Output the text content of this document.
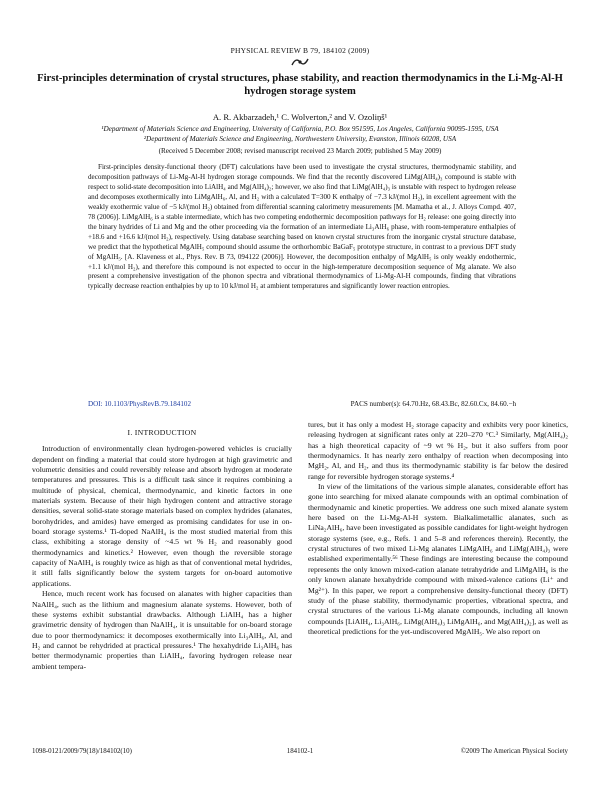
PHYSICAL REVIEW B 79, 184102 (2009)
First-principles determination of crystal structures, phase stability, and reaction thermodynamics in the Li-Mg-Al-H hydrogen storage system
A. R. Akbarzadeh,¹ C. Wolverton,² and V. Ozoliņš¹
¹Department of Materials Science and Engineering, University of California, P.O. Box 951595, Los Angeles, California 90095-1595, USA
²Department of Materials Science and Engineering, Northwestern University, Evanston, Illinois 60208, USA
(Received 5 December 2008; revised manuscript received 23 March 2009; published 5 May 2009)
First-principles density-functional theory (DFT) calculations have been used to investigate the crystal structures, thermodynamic stability, and decomposition pathways of Li-Mg-Al-H hydrogen storage compounds. We find that the recently discovered LiMg(AlH₄)₃ compound is stable with respect to solid-state decomposition into LiAlH₄ and Mg(AlH₄)₂; however, we also find that LiMg(AlH₄)₃ is unstable with respect to hydrogen release and decomposes exothermically into LiMgAlH₆, Al, and H₂ with a calculated T=300 K enthalpy of −7.3 kJ/(mol H₂), in excellent agreement with the weakly exothermic value of −5 kJ/(mol H₂) obtained from differential scanning calorimetry measurements [M. Mamatha et al., J. Alloys Compd. 407, 78 (2006)]. LiMgAlH₆ is a stable intermediate, which has two competing endothermic decomposition pathways for H₂ release: one going directly into the binary hydrides of Li and Mg and the other proceeding via the formation of an intermediate Li₃AlH₆ phase, with room-temperature enthalpies of +18.6 and +16.6 kJ/(mol H₂), respectively. Using database searching based on known crystal structures from the inorganic crystal structure database, we predict that the hypothetical MgAlH₅ compound should assume the orthorhombic BaGaF₅ prototype structure, in contrast to a previous DFT study of MgAlH₅. [A. Klaveness et al., Phys. Rev. B 73, 094122 (2006)]. However, the decomposition enthalpy of MgAlH₅ is only weakly endothermic, +1.1 kJ/(mol H₂), and therefore this compound is not expected to occur in the high-temperature decomposition sequence of Mg alanate. We also present a comprehensive investigation of the phonon spectra and vibrational thermodynamics of Li-Mg-Al-H compounds, finding that vibrations typically decrease reaction enthalpies by up to 10 kJ/mol H₂ at ambient temperatures and significantly lower reaction entropies.
DOI: 10.1103/PhysRevB.79.184102	PACS number(s): 64.70.Hz, 68.43.Bc, 82.60.Cx, 84.60.−h
I. INTRODUCTION

Introduction of environmentally clean hydrogen-powered vehicles is crucially dependent on finding a material that could store hydrogen at high gravimetric and volumetric densities and could reversibly release and absorb hydrogen at moderate temperatures and pressures. This is a difficult task since it requires combining a multitude of physical, chemical, thermodynamic, and kinetic factors in one materials system. Because of their high hydrogen content and attractive storage densities, several solid-state storage materials based on complex hydrides (alanates, borohydrides, and amides) have emerged as promising candidates for use in on-board storage systems.¹ Ti-doped NaAlH₄ is the most studied material from this class, exhibiting a storage density of ~4.5 wt % H₂ and reasonably good thermodynamics and kinetics.² However, even though the reversible storage capacity of NaAlH₄ is roughly twice as high as that of conventional metal hydrides, it still falls significantly below the system targets for on-board automotive applications.

Hence, much recent work has focused on alanates with higher capacities than NaAlH₄, such as the lithium and magnesium alanate systems. However, both of these systems exhibit substantial drawbacks. Although LiAlH₄ has a higher gravimetric density of hydrogen than NaAlH₄, it is unsuitable for on-board storage due to poor thermodynamics: it decomposes exothermically into Li₃AlH₆, Al, and H₂ and cannot be rehydrided at practical pressures.¹ The hexahydride Li₃AlH₆ has better thermodynamic properties than LiAlH₄, favoring hydrogen release near ambient tempera-

tures, but it has only a modest H₂ storage capacity and exhibits very poor kinetics, releasing hydrogen at significant rates only at 220–270 °C.³ Similarly, Mg(AlH₄)₂ has a high theoretical capacity of ~9 wt % H₂, but it also suffers from poor thermodynamics. It has nearly zero enthalpy of reaction when decomposing into MgH₂, Al, and H₂, and thus its thermodynamic stability is far below the desired range for reversible hydrogen storage systems.⁴

In view of the limitations of the various simple alanates, considerable effort has gone into searching for mixed alanate compounds with an optimal combination of thermodynamic and kinetic properties. We address one such mixed alanate system here based on the Li-Mg-Al-H system. Bialkalimetallic alanates, such as LiNa₂AlH₆, have been investigated as possible candidates for light-weight hydrogen storage systems (see, e.g., Refs. 1 and 5–8 and references therein). Recently, the crystal structures of two mixed Li-Mg alanates LiMgAlH₆ and LiMg(AlH₄)₃ were established experimentally.⁵⁶ These findings are interesting because the compound represents the only known mixed-cation alanate tetrahydride and LiMgAlH₆ is the only known alanate hexahydride compound with mixed-valence cations (Li⁺ and Mg²⁺). In this paper, we report a comprehensive density-functional theory (DFT) study of the phase stability, thermodynamic properties, vibrational spectra, and crystal structures of the various Li-Mg alanate compounds, including all known compounds [LiAlH₄, Li₃AlH₆, LiMg(AlH₄)₃ LiMgAlH₆, and Mg(AlH₄)₂], as well as theoretical predictions for the yet-undiscovered MgAlH₅. We also report on

1098-0121/2009/79(18)/184102(10)	184102-1	©2009 The American Physical Society
